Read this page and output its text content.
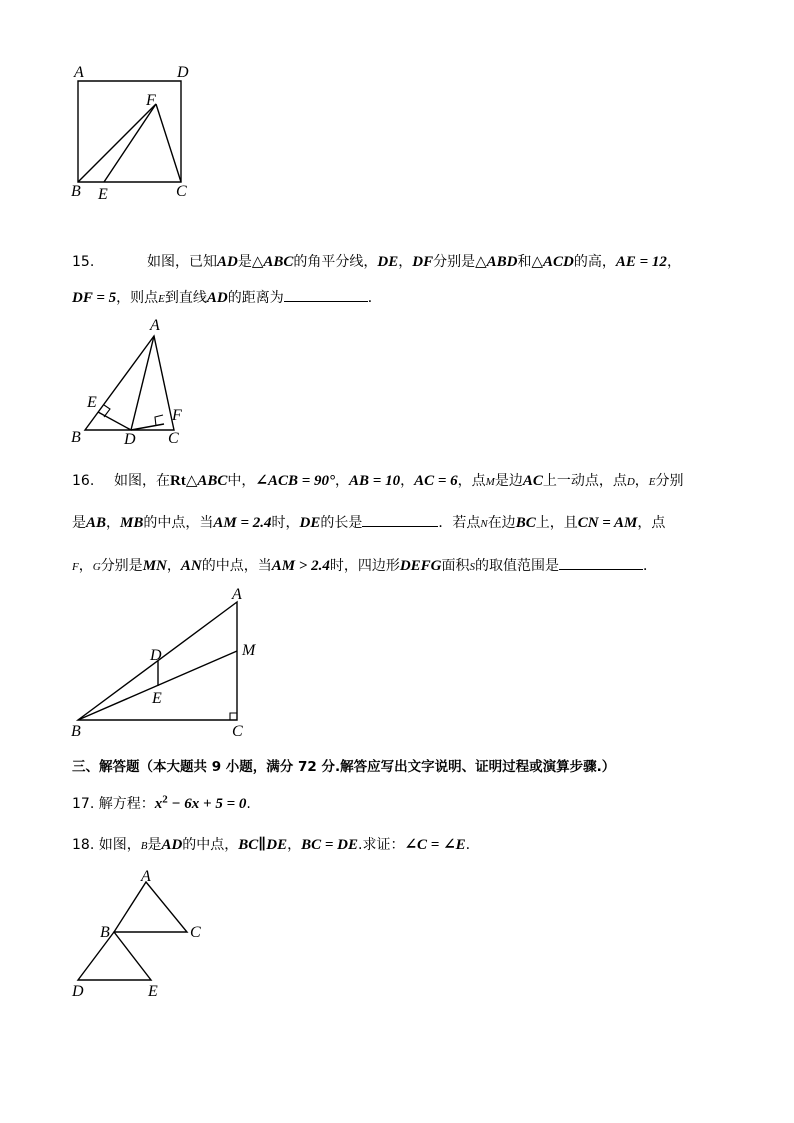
A	D
F
B E	C
15.	如图，已知AD是△ABC的角平分线，DE，DF分别是△ABD和△ACD的高，AE = 12，
DF = 5，则点E到直线AD的距离为	．
A
E
F
B	D C
16. 如图，在Rt△ABC中，∠ACB = 90°，AB = 10，AC = 6，点M是边AC上一动点，点D，E分别
是AB，MB的中点，当AM = 2.4时，DE的长是	．若点N在边BC上，且CN = AM，点
F，G分别是MN，AN的中点，当AM > 2.4时，四边形DEFG面积S的取值范围是	．
A
D	M
E
B	C
三、解答题（本大题共 9 小题，满分 72 分.解答应写出文字说明、证明过程或演算步骤.）
17. 解方程：$x^2 - 6x + 5 = 0$.
18. 如图，B是AD的中点，BC∥DE，BC = DE.求证：∠C = ∠E.
A
B	C
D	E
